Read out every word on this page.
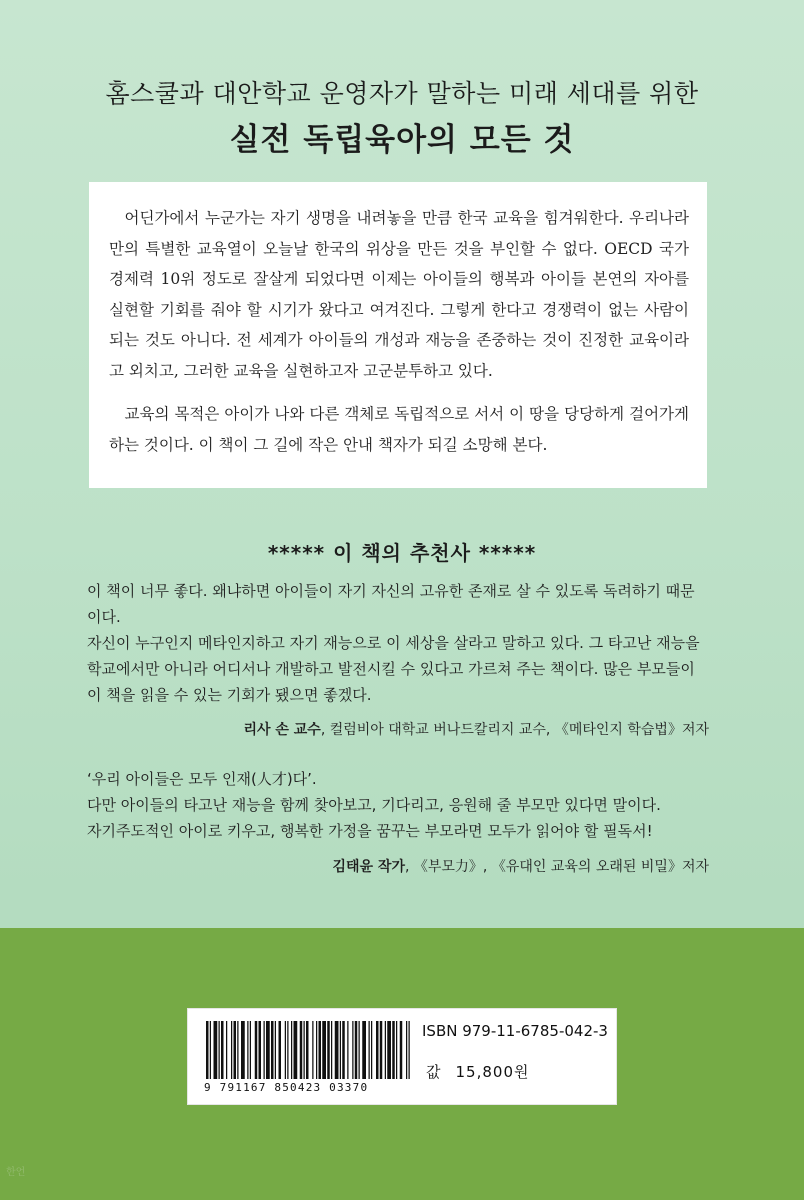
홈스쿨과 대안학교 운영자가 말하는 미래 세대를 위한
실전 독립육아의 모든 것

어딘가에서 누군가는 자기 생명을 내려놓을 만큼 한국 교육을 힘겨워한다. 우리나라만의 특별한 교육열이 오늘날 한국의 위상을 만든 것을 부인할 수 없다. OECD 국가 경제력 10위 정도로 잘살게 되었다면 이제는 아이들의 행복과 아이들 본연의 자아를 실현할 기회를 줘야 할 시기가 왔다고 여겨진다. 그렇게 한다고 경쟁력이 없는 사람이 되는 것도 아니다. 전 세계가 아이들의 개성과 재능을 존중하는 것이 진정한 교육이라고 외치고, 그러한 교육을 실현하고자 고군분투하고 있다.

교육의 목적은 아이가 나와 다른 객체로 독립적으로 서서 이 땅을 당당하게 걸어가게 하는 것이다. 이 책이 그 길에 작은 안내 책자가 되길 소망해 본다.

***** 이 책의 추천사 *****
이 책이 너무 좋다. 왜냐하면 아이들이 자기 자신의 고유한 존재로 살 수 있도록 독려하기 때문이다.
자신이 누구인지 메타인지하고 자기 재능으로 이 세상을 살라고 말하고 있다. 그 타고난 재능을 학교에서만 아니라 어디서나 개발하고 발전시킬 수 있다고 가르쳐 주는 책이다. 많은 부모들이 이 책을 읽을 수 있는 기회가 됐으면 좋겠다.

리사 손 교수, 컬럼비아 대학교 버나드칼리지 교수, 《메타인지 학습법》저자

‘우리 아이들은 모두 인재(人才)다’.
다만 아이들의 타고난 재능을 함께 찾아보고, 기다리고, 응원해 줄 부모만 있다면 말이다.
자기주도적인 아이로 키우고, 행복한 가정을 꿈꾸는 부모라면 모두가 읽어야 할 필독서!

김태윤 작가, 《부모力》, 《유대인 교육의 오래된 비밀》저자

9 791167 850423 03370
ISBN 979-11-6785-042-3
값 15,800원
한언
